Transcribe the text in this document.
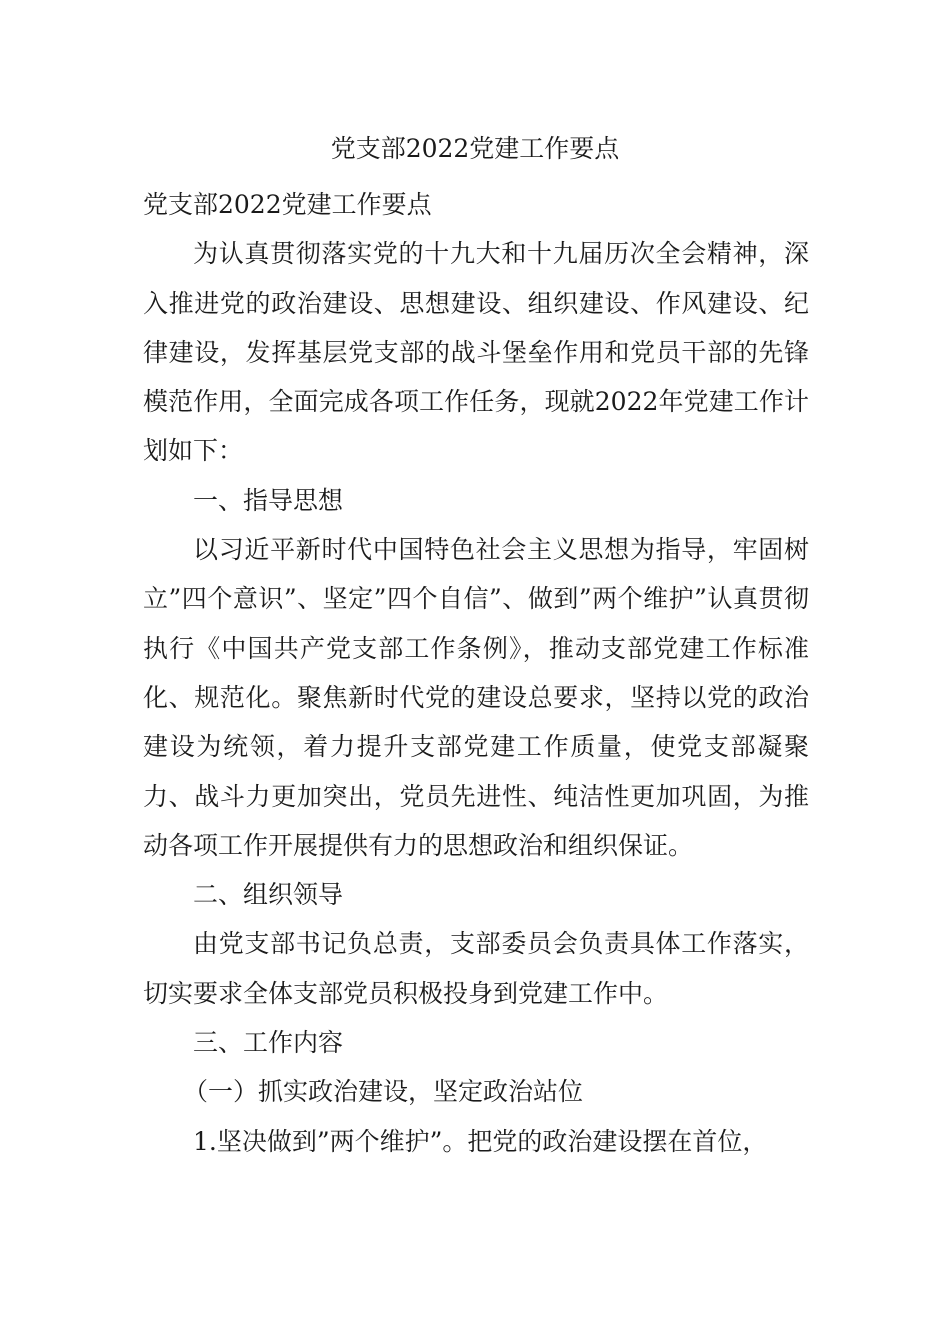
党支部2022党建工作要点

党支部2022党建工作要点

为认真贯彻落实党的十九大和十九届历次全会精神，深入推进党的政治建设、思想建设、组织建设、作风建设、纪律建设，发挥基层党支部的战斗堡垒作用和党员干部的先锋模范作用，全面完成各项工作任务，现就2022年党建工作计划如下：

一、指导思想

以习近平新时代中国特色社会主义思想为指导，牢固树立”四个意识”、坚定”四个自信”、做到”两个维护”认真贯彻执行《中国共产党支部工作条例》，推动支部党建工作标准化、规范化。聚焦新时代党的建设总要求，坚持以党的政治建设为统领，着力提升支部党建工作质量，使党支部凝聚力、战斗力更加突出，党员先进性、纯洁性更加巩固，为推动各项工作开展提供有力的思想政治和组织保证。

二、组织领导

由党支部书记负总责，支部委员会负责具体工作落实，切实要求全体支部党员积极投身到党建工作中。

三、工作内容

（一）抓实政治建设，坚定政治站位

1.坚决做到”两个维护”。把党的政治建设摆在首位，
